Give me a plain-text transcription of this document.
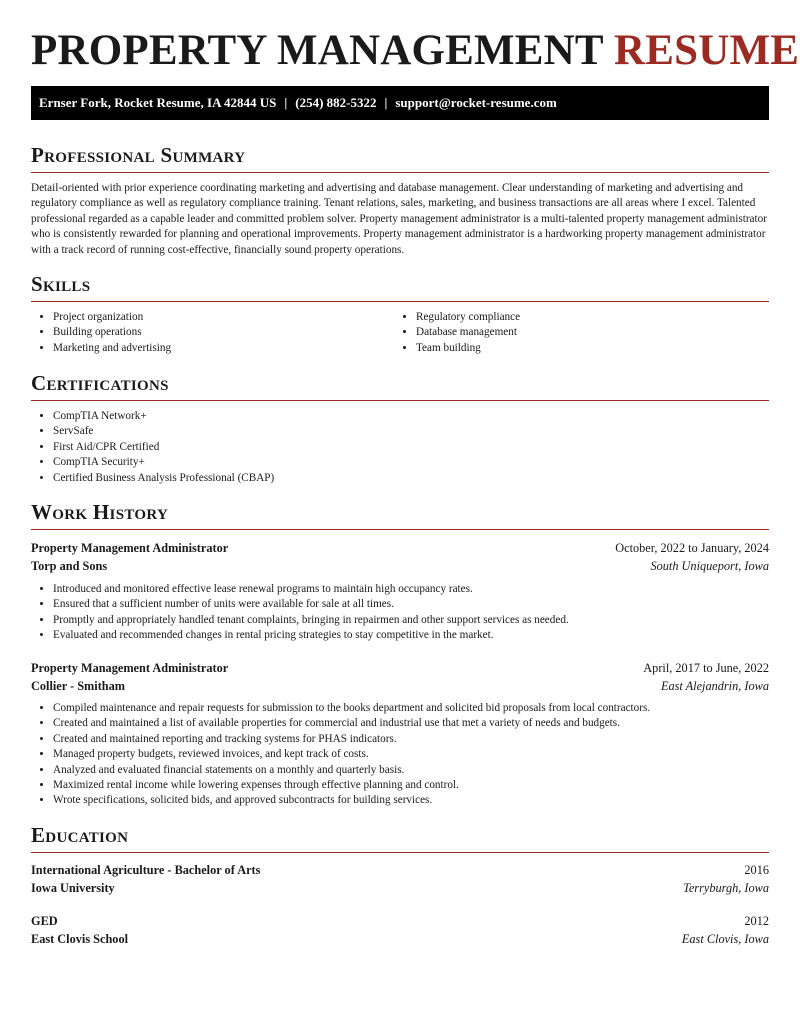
PROPERTY MANAGEMENT RESUME
Ernser Fork, Rocket Resume, IA 42844 US | (254) 882-5322 | support@rocket-resume.com
Professional Summary

Detail-oriented with prior experience coordinating marketing and advertising and database management. Clear understanding of marketing and advertising and regulatory compliance as well as regulatory compliance training. Tenant relations, sales, marketing, and business transactions are all areas where I excel. Talented professional regarded as a capable leader and committed problem solver. Property management administrator is a multi-talented property management administrator who is consistently rewarded for planning and operational improvements. Property management administrator is a hardworking property management administrator with a track record of running cost-effective, financially sound property operations.

Skills
• Project organization
• Building operations
• Marketing and advertising
• Regulatory compliance
• Database management
• Team building
Certifications
• CompTIA Network+
• ServSafe
• First Aid/CPR Certified
• CompTIA Security+
• Certified Business Analysis Professional (CBAP)
Work History
Property Management Administrator	October, 2022 to January, 2024
Torp and Sons	South Uniqueport, Iowa
• Introduced and monitored effective lease renewal programs to maintain high occupancy rates.
• Ensured that a sufficient number of units were available for sale at all times.
• Promptly and appropriately handled tenant complaints, bringing in repairmen and other support services as needed.
• Evaluated and recommended changes in rental pricing strategies to stay competitive in the market.
Property Management Administrator	April, 2017 to June, 2022
Collier - Smitham	East Alejandrin, Iowa
• Compiled maintenance and repair requests for submission to the books department and solicited bid proposals from local contractors.
• Created and maintained a list of available properties for commercial and industrial use that met a variety of needs and budgets.
• Created and maintained reporting and tracking systems for PHAS indicators.
• Managed property budgets, reviewed invoices, and kept track of costs.
• Analyzed and evaluated financial statements on a monthly and quarterly basis.
• Maximized rental income while lowering expenses through effective planning and control.
• Wrote specifications, solicited bids, and approved subcontracts for building services.
Education
International Agriculture - Bachelor of Arts	2016
Iowa University	Terryburgh, Iowa
GED	2012
East Clovis School	East Clovis, Iowa
